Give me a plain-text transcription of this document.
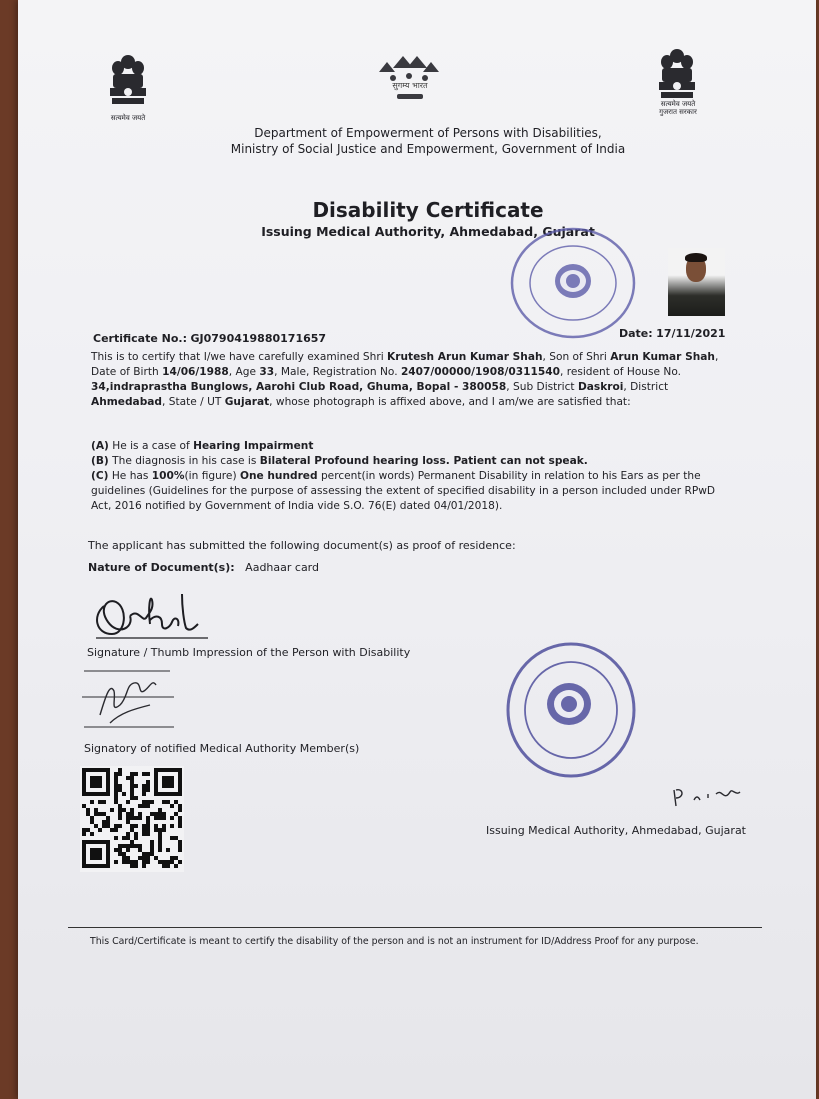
सत्यमेव जयते
सुगम्य भारत
सत्यमेव जयते
गुजरात सरकार
Department of Empowerment of Persons with Disabilities,
Ministry of Social Justice and Empowerment, Government of India
Disability Certificate
Issuing Medical Authority, Ahmedabad, Gujarat
Certificate No.: GJ0790419880171657	Date: 17/11/2021
This is to certify that I/we have carefully examined Shri Krutesh Arun Kumar Shah, Son of Shri Arun Kumar Shah, Date of Birth 14/06/1988, Age 33, Male, Registration No. 2407/00000/1908/0311540, resident of House No. 34,indraprastha Bunglows, Aarohi Club Road, Ghuma, Bopal - 380058, Sub District Daskroi, District Ahmedabad, State / UT Gujarat, whose photograph is affixed above, and I am/we are satisfied that:
(A) He is a case of Hearing Impairment
(B) The diagnosis in his case is Bilateral Profound hearing loss. Patient can not speak.
(C) He has 100%(in figure) One hundred percent(in words) Permanent Disability in relation to his Ears as per the guidelines (Guidelines for the purpose of assessing the extent of specified disability in a person included under RPwD Act, 2016 notified by Government of India vide S.O. 76(E) dated 04/01/2018).
The applicant has submitted the following document(s) as proof of residence:
Nature of Document(s): Aadhaar card
Signature / Thumb Impression of the Person with Disability
Signatory of notified Medical Authority Member(s)
Issuing Medical Authority, Ahmedabad, Gujarat
This Card/Certificate is meant to certify the disability of the person and is not an instrument for ID/Address Proof for any purpose.
